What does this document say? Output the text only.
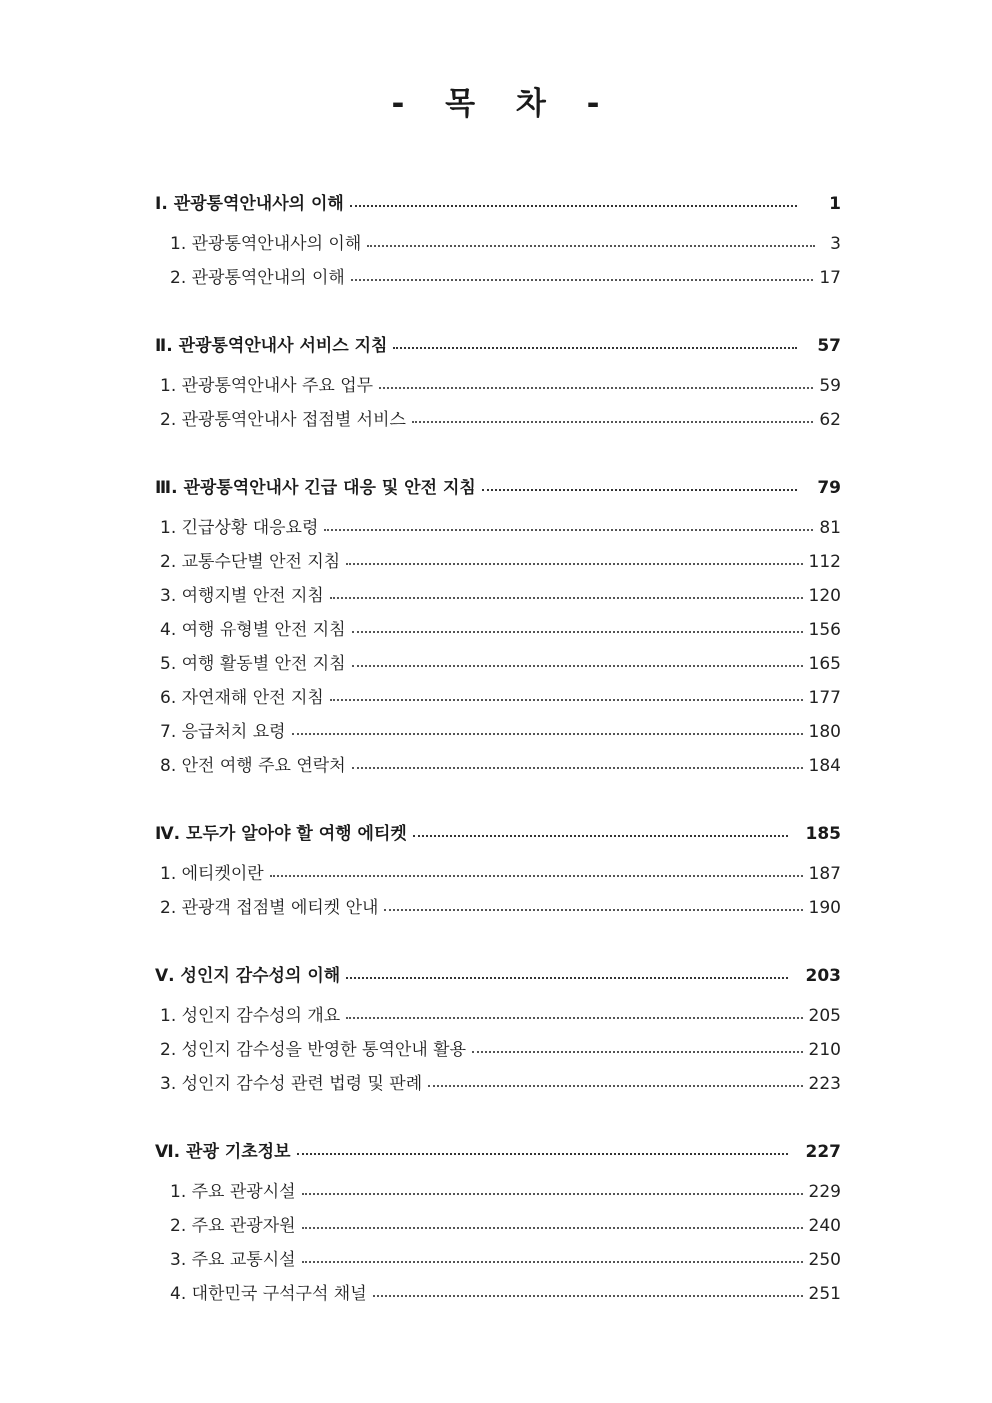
- 목 차 -
Ⅰ. 관광통역안내사의 이해	1
1. 관광통역안내사의 이해	3
2. 관광통역안내의 이해	17
Ⅱ. 관광통역안내사 서비스 지침	57
1. 관광통역안내사 주요 업무	59
2. 관광통역안내사 접점별 서비스	62
Ⅲ. 관광통역안내사 긴급 대응 및 안전 지침	79
1. 긴급상황 대응요령	81
2. 교통수단별 안전 지침	112
3. 여행지별 안전 지침	120
4. 여행 유형별 안전 지침	156
5. 여행 활동별 안전 지침	165
6. 자연재해 안전 지침	177
7. 응급처치 요령	180
8. 안전 여행 주요 연락처	184
Ⅳ. 모두가 알아야 할 여행 에티켓	185
1. 에티켓이란	187
2. 관광객 접점별 에티켓 안내	190
Ⅴ. 성인지 감수성의 이해	203
1. 성인지 감수성의 개요	205
2. 성인지 감수성을 반영한 통역안내 활용	210
3. 성인지 감수성 관련 법령 및 판례	223
Ⅵ. 관광 기초정보	227
1. 주요 관광시설	229
2. 주요 관광자원	240
3. 주요 교통시설	250
4. 대한민국 구석구석 채널	251
